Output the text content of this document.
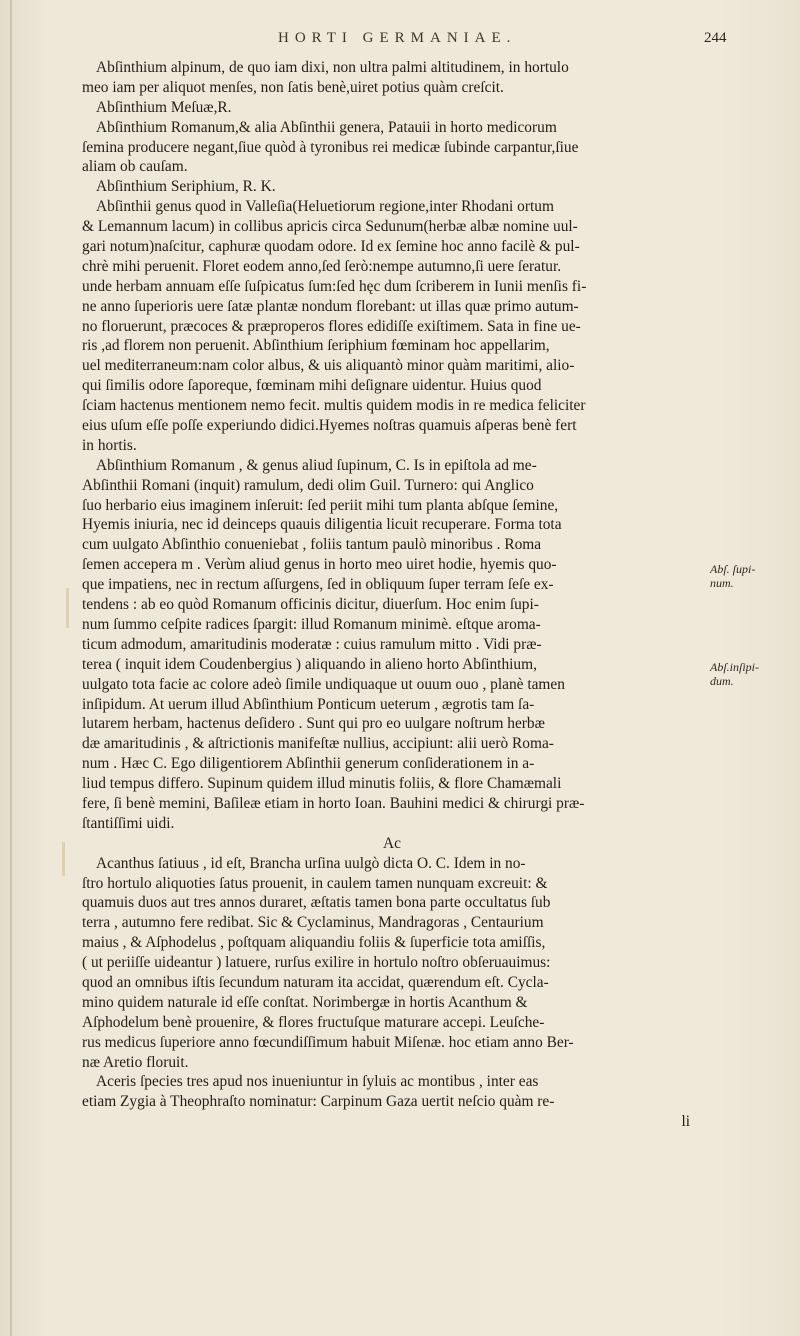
HORTI GERMANIAE.	244
Abſinthium alpinum, de quo iam dixi, non ultra palmi altitudinem, in hortulo
meo iam per aliquot menſes, non ſatis benè,uiret potius quàm creſcit.
Abſinthium Meſuæ,R.
Abſinthium Romanum,& alia Abſinthii genera, Patauii in horto medicorum
ſemina producere negant,ſiue quòd à tyronibus rei medicæ ſubinde carpantur,ſiue
aliam ob cauſam.
Abſinthium Seriphium, R. K.
Abſinthii genus quod in Valleſia(Heluetiorum regione,inter Rhodani ortum
& Lemannum lacum) in collibus apricis circa Sedunum(herbæ albæ nomine uul-
gari notum)naſcitur, caphuræ quodam odore. Id ex ſemine hoc anno facilè & pul-
chrè mihi peruenit. Floret eodem anno,ſed ſerò:nempe autumno,ſi uere ſeratur.
unde herbam annuam eſſe ſuſpicatus ſum:ſed hęc dum ſcriberem in Iunii menſis fi-
ne anno ſuperioris uere ſatæ plantæ nondum florebant: ut illas quæ primo autum-
no floruerunt, præcoces & præproperos flores edidiſſe exiſtimem. Sata in fine ue-
ris ,ad florem non peruenit. Abſinthium ſeriphium fœminam hoc appellarim,
uel mediterraneum:nam color albus, & uis aliquantò minor quàm maritimi, alio-
qui ſimilis odore ſaporeque, fœminam mihi deſignare uidentur. Huius quod
ſciam hactenus mentionem nemo fecit. multis quidem modis in re medica feliciter
eius uſum eſſe poſſe experiundo didici.Hyemes noſtras quamuis aſperas benè fert
in hortis.
Abſinthium Romanum , & genus aliud ſupinum, C. Is in epiſtola ad me-
Abſinthii Romani (inquit) ramulum, dedi olim Guil. Turnero: qui Anglico
ſuo herbario eius imaginem inſeruit: ſed periit mihi tum planta abſque ſemine,
Hyemis iniuria, nec id deinceps quauis diligentia licuit recuperare. Forma tota
cum uulgato Abſinthio conueniebat , foliis tantum paulò minoribus . Roma
ſemen accepera m . Verùm aliud genus in horto meo uiret hodie, hyemis quo-
que impatiens, nec in rectum aſſurgens, ſed in obliquum ſuper terram ſeſe ex-
tendens : ab eo quòd Romanum officinis dicitur, diuerſum. Hoc enim ſupi-
num ſummo ceſpite radices ſpargit: illud Romanum minimè. eſtque aroma-
ticum admodum, amaritudinis moderatæ : cuius ramulum mitto . Vidi præ-
terea ( inquit idem Coudenbergius ) aliquando in alieno horto Abſinthium,
uulgato tota facie ac colore adeò ſimile undiquaque ut ouum ouo , planè tamen
inſipidum. At uerum illud Abſinthium Ponticum ueterum , ægrotis tam ſa-
lutarem herbam, hactenus deſidero . Sunt qui pro eo uulgare noſtrum herbæ
dæ amaritudinis , & aſtrictionis manifeſtæ nullius, accipiunt: alii uerò Roma-
num . Hæc C. Ego diligentiorem Abſinthii generum conſiderationem in a-
liud tempus differo. Supinum quidem illud minutis foliis, & flore Chamæmali
fere, ſi benè memini, Baſileæ etiam in horto Ioan. Bauhini medici & chirurgi præ-
ſtantiſſimi uidi.
Ac
Acanthus ſatiuus , id eſt, Brancha urſina uulgò dicta O. C. Idem in no-
ſtro hortulo aliquoties ſatus prouenit, in caulem tamen nunquam excreuit: &
quamuis duos aut tres annos duraret, æſtatis tamen bona parte occultatus ſub
terra , autumno fere redibat. Sic & Cyclaminus, Mandragoras , Centaurium
maius , & Aſphodelus , poſtquam aliquandiu foliis & ſuperficie tota amiſſis,
( ut periiſſe uideantur ) latuere, rurſus exilire in hortulo noſtro obſeruauimus:
quod an omnibus iſtis ſecundum naturam ita accidat, quærendum eſt. Cycla-
mino quidem naturale id eſſe conſtat. Norimbergæ in hortis Acanthum &
Aſphodelum benè prouenire, & flores fructuſque maturare accepi. Leuſche-
rus medicus ſuperiore anno fœcundiſſimum habuit Miſenæ. hoc etiam anno Ber-
næ Aretio floruit.
Aceris ſpecies tres apud nos inueniuntur in ſyluis ac montibus , inter eas
etiam Zygia à Theophraſto nominatur: Carpinum Gaza uertit neſcio quàm re-
li
Abſ. ſupi-
num.
Abſ.inſipi-
dum.
